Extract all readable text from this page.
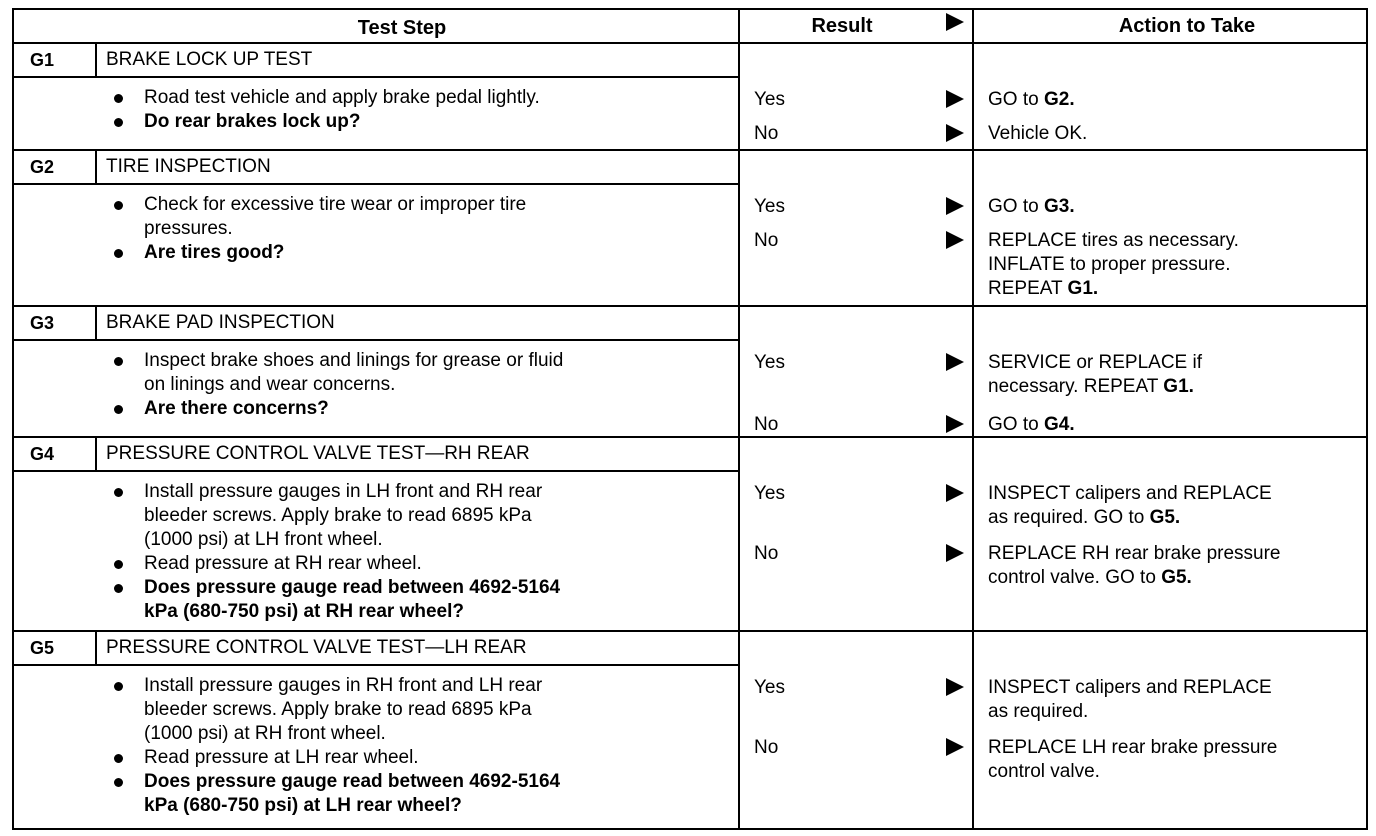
Test Step	Result	Action to Take
G1	BRAKE LOCK UP TEST
Road test vehicle and apply brake pedal lightly.
Do rear brakes lock up?
Yes	GO to G2.
No	Vehicle OK.
G2	TIRE INSPECTION
Check for excessive tire wear or improper tire
pressures.
Are tires good?
Yes	GO to G3.
No	REPLACE tires as necessary.
INFLATE to proper pressure.
REPEAT G1.
G3	BRAKE PAD INSPECTION
Inspect brake shoes and linings for grease or fluid
on linings and wear concerns.
Are there concerns?
Yes	SERVICE or REPLACE if
necessary. REPEAT G1.
No	GO to G4.
G4	PRESSURE CONTROL VALVE TEST—RH REAR
Install pressure gauges in LH front and RH rear
bleeder screws. Apply brake to read 6895 kPa
(1000 psi) at LH front wheel.
Read pressure at RH rear wheel.
Does pressure gauge read between 4692-5164
kPa (680-750 psi) at RH rear wheel?
Yes	INSPECT calipers and REPLACE
as required. GO to G5.
No	REPLACE RH rear brake pressure
control valve. GO to G5.
G5	PRESSURE CONTROL VALVE TEST—LH REAR
Install pressure gauges in RH front and LH rear
bleeder screws. Apply brake to read 6895 kPa
(1000 psi) at RH front wheel.
Read pressure at LH rear wheel.
Does pressure gauge read between 4692-5164
kPa (680-750 psi) at LH rear wheel?
Yes	INSPECT calipers and REPLACE
as required.
No	REPLACE LH rear brake pressure
control valve.
